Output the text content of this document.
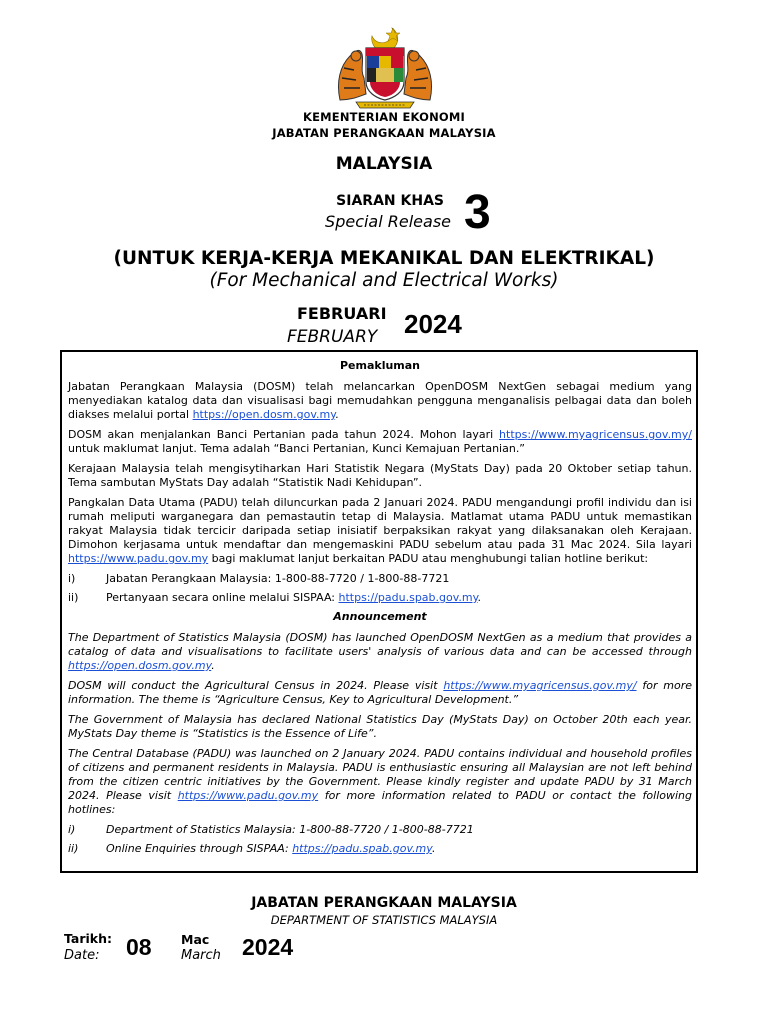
KEMENTERIAN EKONOMI
JABATAN PERANGKAAN MALAYSIA
MALAYSIA
SIARAN KHAS
Special Release 3
(UNTUK KERJA-KERJA MEKANIKAL DAN ELEKTRIKAL)
(For Mechanical and Electrical Works)
FEBRUARI
FEBRUARY 2024
Pemakluman

Jabatan Perangkaan Malaysia (DOSM) telah melancarkan OpenDOSM NextGen sebagai medium yang menyediakan katalog data dan visualisasi bagi memudahkan pengguna menganalisis pelbagai data dan boleh diakses melalui portal https://open.dosm.gov.my.

DOSM akan menjalankan Banci Pertanian pada tahun 2024. Mohon layari https://www.myagricensus.gov.my/ untuk maklumat lanjut. Tema adalah “Banci Pertanian, Kunci Kemajuan Pertanian.”

Kerajaan Malaysia telah mengisytiharkan Hari Statistik Negara (MyStats Day) pada 20 Oktober setiap tahun. Tema sambutan MyStats Day adalah “Statistik Nadi Kehidupan”.

Pangkalan Data Utama (PADU) telah diluncurkan pada 2 Januari 2024. PADU mengandungi profil individu dan isi rumah meliputi warganegara dan pemastautin tetap di Malaysia. Matlamat utama PADU untuk memastikan rakyat Malaysia tidak tercicir daripada setiap inisiatif berpaksikan rakyat yang dilaksanakan oleh Kerajaan. Dimohon kerjasama untuk mendaftar dan mengemaskini PADU sebelum atau pada 31 Mac 2024. Sila layari https://www.padu.gov.my bagi maklumat lanjut berkaitan PADU atau menghubungi talian hotline berikut:

i)	Jabatan Perangkaan Malaysia: 1-800-88-7720 / 1-800-88-7721
ii)	Pertanyaan secara online melalui SISPAA: https://padu.spab.gov.my.
Announcement

The Department of Statistics Malaysia (DOSM) has launched OpenDOSM NextGen as a medium that provides a catalog of data and visualisations to facilitate users' analysis of various data and can be accessed through https://open.dosm.gov.my.

DOSM will conduct the Agricultural Census in 2024. Please visit https://www.myagricensus.gov.my/ for more information. The theme is “Agriculture Census, Key to Agricultural Development.”

The Government of Malaysia has declared National Statistics Day (MyStats Day) on October 20th each year. MyStats Day theme is “Statistics is the Essence of Life”.

The Central Database (PADU) was launched on 2 January 2024. PADU contains individual and household profiles of citizens and permanent residents in Malaysia. PADU is enthusiastic ensuring all Malaysian are not left behind from the citizen centric initiatives by the Government. Please kindly register and update PADU by 31 March 2024. Please visit https://www.padu.gov.my for more information related to PADU or contact the following hotlines:

i)	Department of Statistics Malaysia: 1-800-88-7720 / 1-800-88-7721
ii)	Online Enquiries through SISPAA: https://padu.spab.gov.my.
JABATAN PERANGKAAN MALAYSIA
DEPARTMENT OF STATISTICS MALAYSIA
Tarikh:
Date: 08 Mac
March 2024
